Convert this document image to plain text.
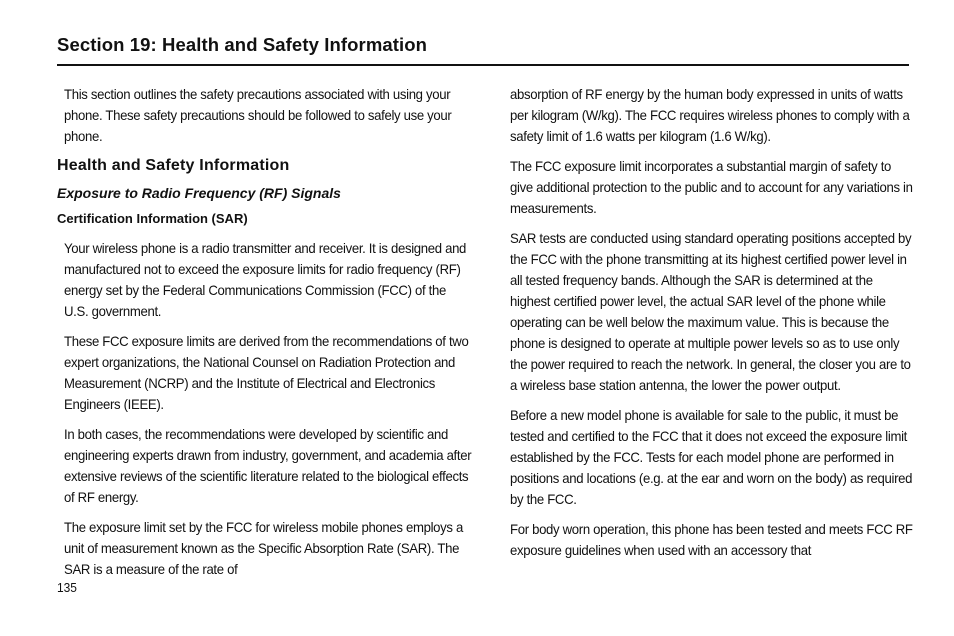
Section 19: Health and Safety Information

This section outlines the safety precautions associated with using your phone. These safety precautions should be followed to safely use your phone.

Health and Safety Information
Exposure to Radio Frequency (RF) Signals
Certification Information (SAR)

Your wireless phone is a radio transmitter and receiver. It is designed and manufactured not to exceed the exposure limits for radio frequency (RF) energy set by the Federal Communications Commission (FCC) of the U.S. government.

These FCC exposure limits are derived from the recommendations of two expert organizations, the National Counsel on Radiation Protection and Measurement (NCRP) and the Institute of Electrical and Electronics Engineers (IEEE).

In both cases, the recommendations were developed by scientific and engineering experts drawn from industry, government, and academia after extensive reviews of the scientific literature related to the biological effects of RF energy.

The exposure limit set by the FCC for wireless mobile phones employs a unit of measurement known as the Specific Absorption Rate (SAR). The SAR is a measure of the rate of

absorption of RF energy by the human body expressed in units of watts per kilogram (W/kg). The FCC requires wireless phones to comply with a safety limit of 1.6 watts per kilogram (1.6 W/kg).

The FCC exposure limit incorporates a substantial margin of safety to give additional protection to the public and to account for any variations in measurements.

SAR tests are conducted using standard operating positions accepted by the FCC with the phone transmitting at its highest certified power level in all tested frequency bands. Although the SAR is determined at the highest certified power level, the actual SAR level of the phone while operating can be well below the maximum value. This is because the phone is designed to operate at multiple power levels so as to use only the power required to reach the network. In general, the closer you are to a wireless base station antenna, the lower the power output.

Before a new model phone is available for sale to the public, it must be tested and certified to the FCC that it does not exceed the exposure limit established by the FCC. Tests for each model phone are performed in positions and locations (e.g. at the ear and worn on the body) as required by the FCC.

For body worn operation, this phone has been tested and meets FCC RF exposure guidelines when used with an accessory that

135
